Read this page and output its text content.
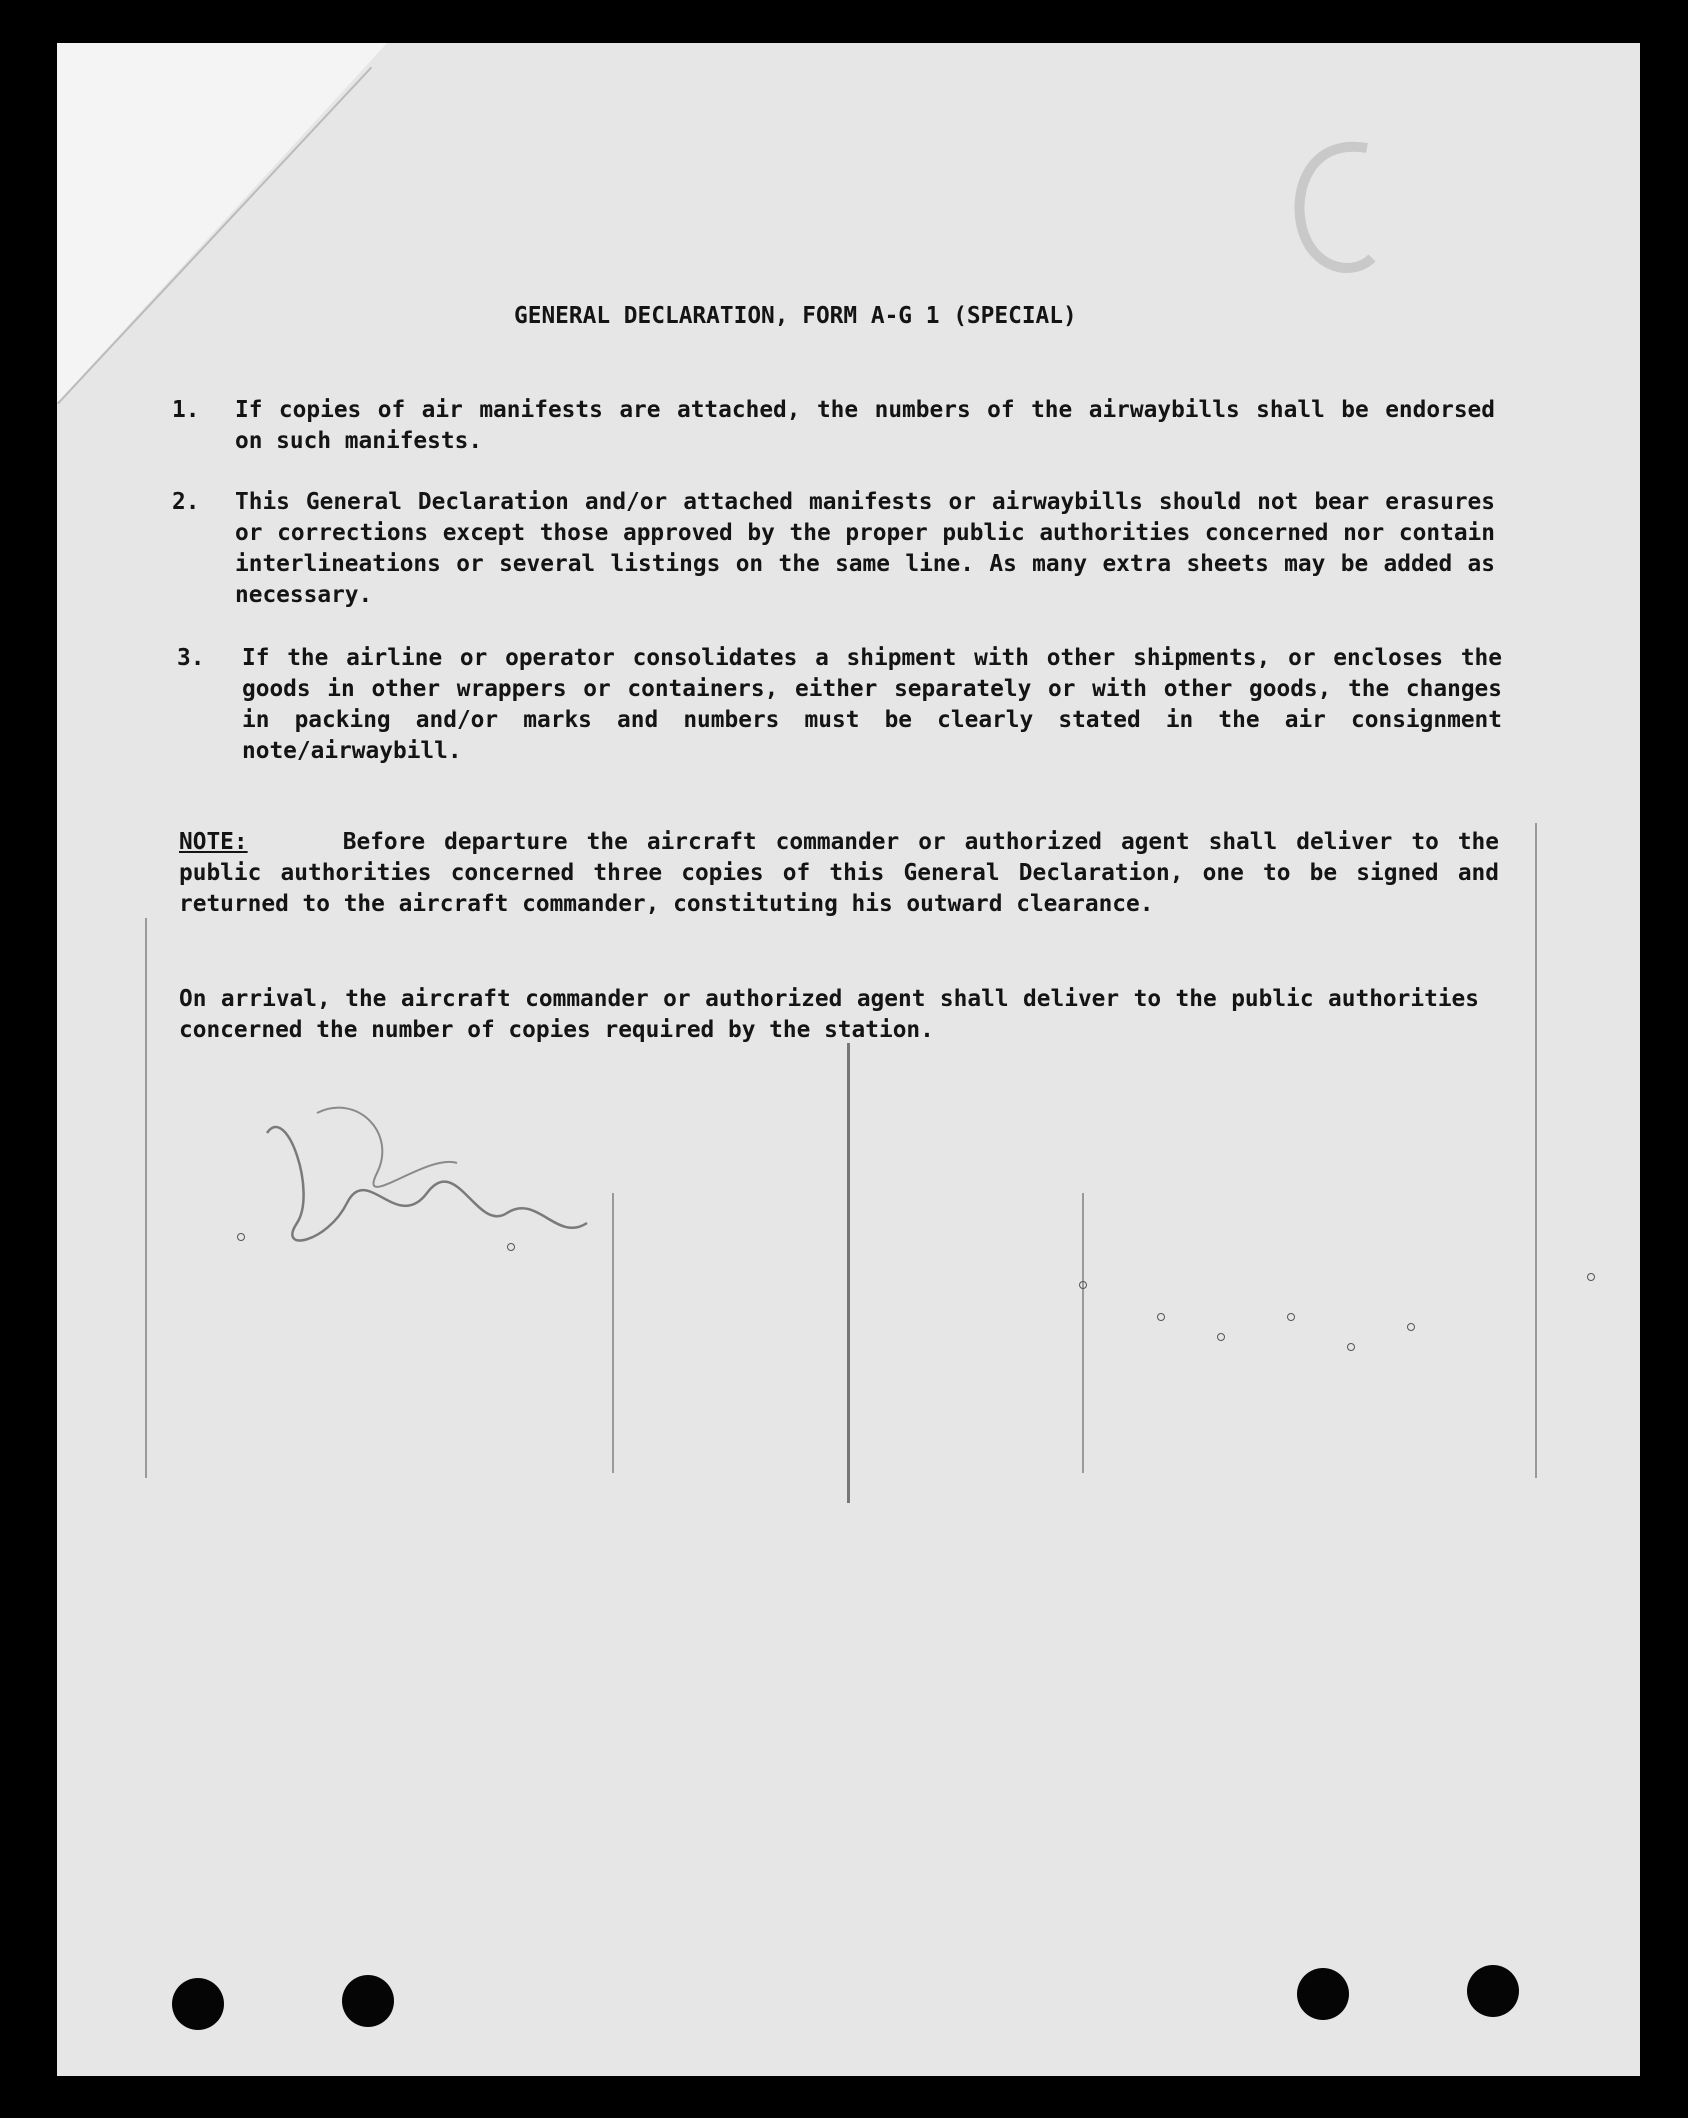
GENERAL DECLARATION, FORM A-G 1 (SPECIAL)
1. If copies of air manifests are attached, the numbers of the airwaybills shall be endorsed on such manifests.
2. This General Declaration and/or attached manifests or airwaybills should not bear erasures or corrections except those approved by the proper public authorities concerned nor contain interlineations or several listings on the same line. As many extra sheets may be added as necessary.
3. If the airline or operator consolidates a shipment with other shipments, or encloses the goods in other wrappers or containers, either separately or with other goods, the changes in packing and/or marks and numbers must be clearly stated in the air consignment note/airwaybill.
NOTE:	Before departure the aircraft commander or authorized agent shall deliver to the public authorities concerned three copies of this General Declaration, one to be signed and returned to the aircraft commander, constituting his outward clearance.
On arrival, the aircraft commander or authorized agent shall deliver to the public authorities concerned the number of copies required by the station.
